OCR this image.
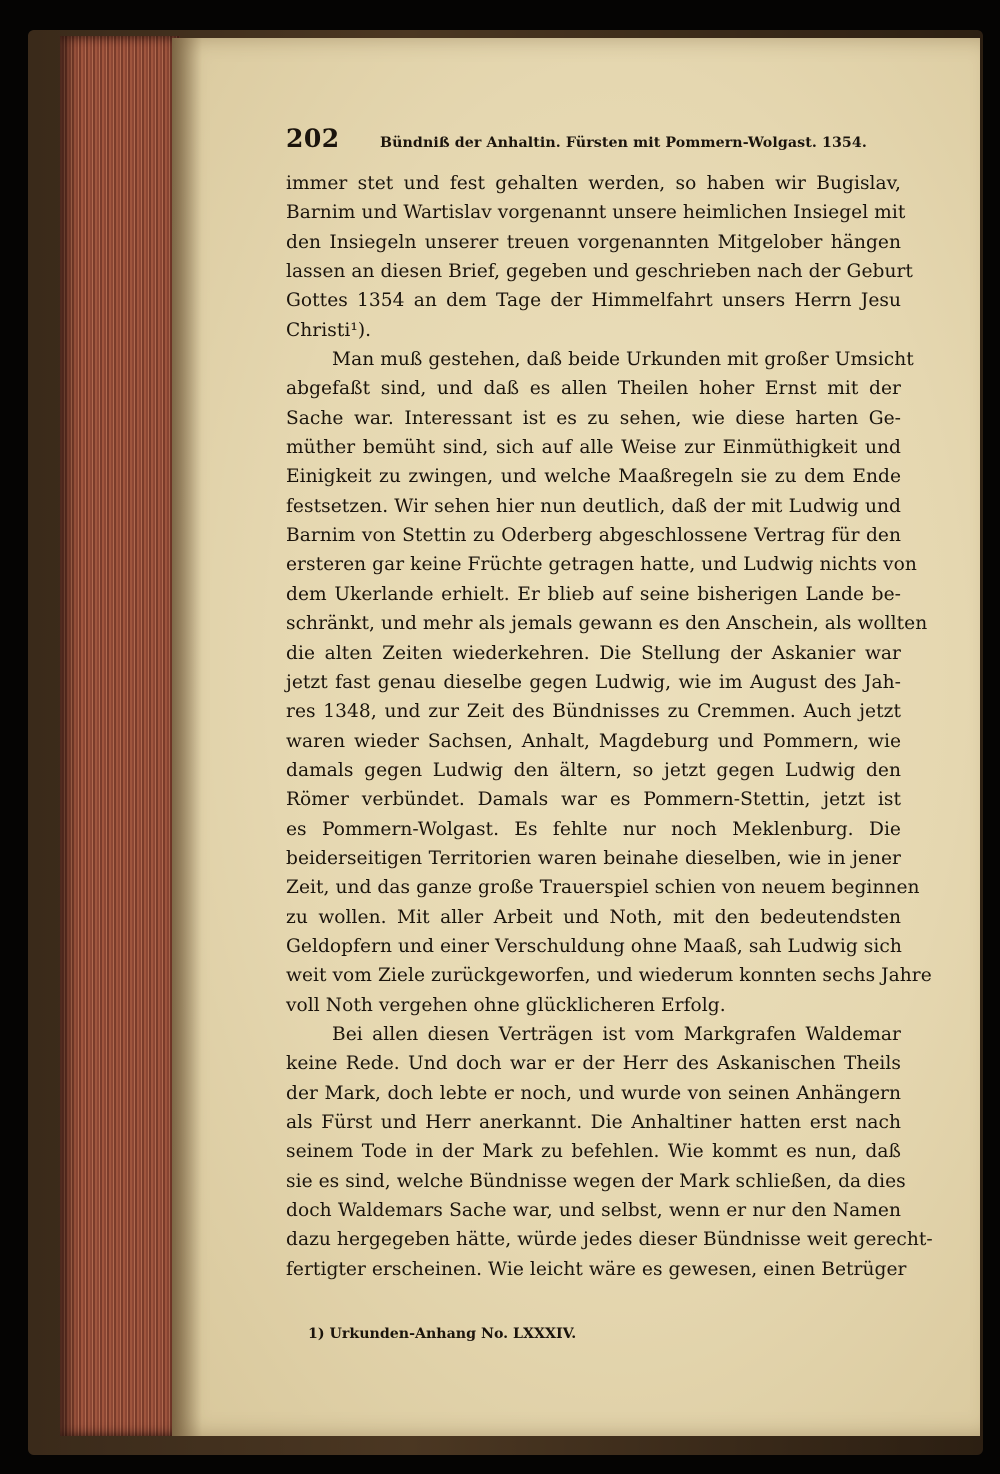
202	Bündniß der Anhaltin. Fürsten mit Pommern-Wolgast. 1354.
immer stet und fest gehalten werden, so haben wir Bugislav,
Barnim und Wartislav vorgenannt unsere heimlichen Insiegel mit
den Insiegeln unserer treuen vorgenannten Mitgelober hängen
lassen an diesen Brief, gegeben und geschrieben nach der Geburt
Gottes 1354 an dem Tage der Himmelfahrt unsers Herrn Jesu
Christi¹).
Man muß gestehen, daß beide Urkunden mit großer Umsicht
abgefaßt sind, und daß es allen Theilen hoher Ernst mit der
Sache war. Interessant ist es zu sehen, wie diese harten Ge-
müther bemüht sind, sich auf alle Weise zur Einmüthigkeit und
Einigkeit zu zwingen, und welche Maaßregeln sie zu dem Ende
festsetzen. Wir sehen hier nun deutlich, daß der mit Ludwig und
Barnim von Stettin zu Oderberg abgeschlossene Vertrag für den
ersteren gar keine Früchte getragen hatte, und Ludwig nichts von
dem Ukerlande erhielt. Er blieb auf seine bisherigen Lande be-
schränkt, und mehr als jemals gewann es den Anschein, als wollten
die alten Zeiten wiederkehren. Die Stellung der Askanier war
jetzt fast genau dieselbe gegen Ludwig, wie im August des Jah-
res 1348, und zur Zeit des Bündnisses zu Cremmen. Auch jetzt
waren wieder Sachsen, Anhalt, Magdeburg und Pommern, wie
damals gegen Ludwig den ältern, so jetzt gegen Ludwig den
Römer verbündet. Damals war es Pommern-Stettin, jetzt ist
es Pommern-Wolgast. Es fehlte nur noch Meklenburg. Die
beiderseitigen Territorien waren beinahe dieselben, wie in jener
Zeit, und das ganze große Trauerspiel schien von neuem beginnen
zu wollen. Mit aller Arbeit und Noth, mit den bedeutendsten
Geldopfern und einer Verschuldung ohne Maaß, sah Ludwig sich
weit vom Ziele zurückgeworfen, und wiederum konnten sechs Jahre
voll Noth vergehen ohne glücklicheren Erfolg.
Bei allen diesen Verträgen ist vom Markgrafen Waldemar
keine Rede. Und doch war er der Herr des Askanischen Theils
der Mark, doch lebte er noch, und wurde von seinen Anhängern
als Fürst und Herr anerkannt. Die Anhaltiner hatten erst nach
seinem Tode in der Mark zu befehlen. Wie kommt es nun, daß
sie es sind, welche Bündnisse wegen der Mark schließen, da dies
doch Waldemars Sache war, und selbst, wenn er nur den Namen
dazu hergegeben hätte, würde jedes dieser Bündnisse weit gerecht-
fertigter erscheinen. Wie leicht wäre es gewesen, einen Betrüger
1) Urkunden-Anhang No. LXXXIV.
